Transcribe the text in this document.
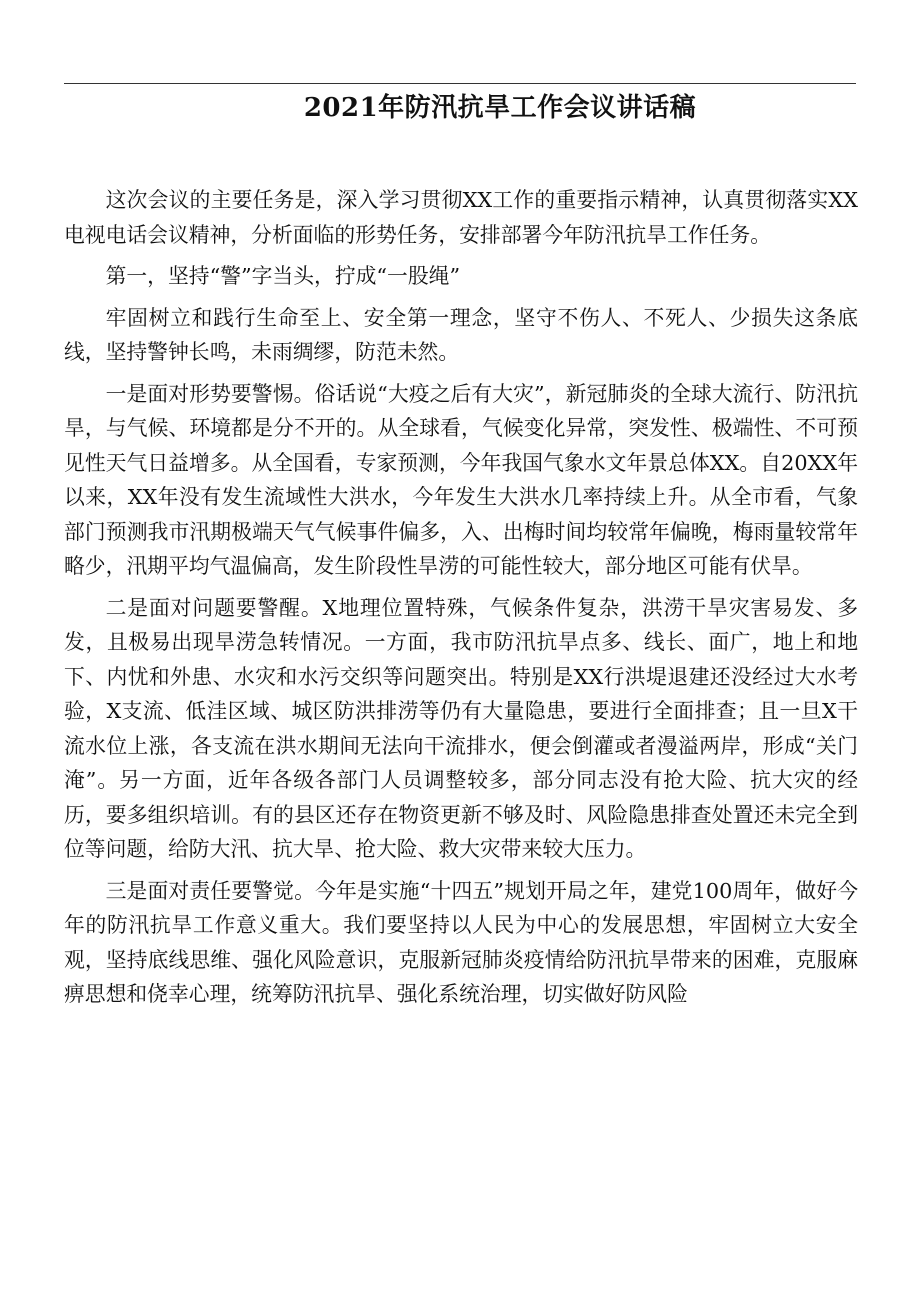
2021年防汛抗旱工作会议讲话稿

这次会议的主要任务是，深入学习贯彻XX工作的重要指示精神，认真贯彻落实XX电视电话会议精神，分析面临的形势任务，安排部署今年防汛抗旱工作任务。

第一，坚持“警”字当头，拧成“一股绳”

牢固树立和践行生命至上、安全第一理念，坚守不伤人、不死人、少损失这条底线，坚持警钟长鸣，未雨绸缪，防范未然。

一是面对形势要警惕。俗话说“大疫之后有大灾”，新冠肺炎的全球大流行、防汛抗旱，与气候、环境都是分不开的。从全球看，气候变化异常，突发性、极端性、不可预见性天气日益增多。从全国看，专家预测，今年我国气象水文年景总体XX。自20XX年以来，XX年没有发生流域性大洪水，今年发生大洪水几率持续上升。从全市看，气象部门预测我市汛期极端天气气候事件偏多，入、出梅时间均较常年偏晚，梅雨量较常年略少，汛期平均气温偏高，发生阶段性旱涝的可能性较大，部分地区可能有伏旱。

二是面对问题要警醒。X地理位置特殊，气候条件复杂，洪涝干旱灾害易发、多发，且极易出现旱涝急转情况。一方面，我市防汛抗旱点多、线长、面广，地上和地下、内忧和外患、水灾和水污交织等问题突出。特别是XX行洪堤退建还没经过大水考验，X支流、低洼区域、城区防洪排涝等仍有大量隐患，要进行全面排查；且一旦X干流水位上涨，各支流在洪水期间无法向干流排水，便会倒灌或者漫溢两岸，形成“关门淹”。另一方面，近年各级各部门人员调整较多，部分同志没有抢大险、抗大灾的经历，要多组织培训。有的县区还存在物资更新不够及时、风险隐患排查处置还未完全到位等问题，给防大汛、抗大旱、抢大险、救大灾带来较大压力。

三是面对责任要警觉。今年是实施“十四五”规划开局之年，建党100周年，做好今年的防汛抗旱工作意义重大。我们要坚持以人民为中心的发展思想，牢固树立大安全观，坚持底线思维、强化风险意识，克服新冠肺炎疫情给防汛抗旱带来的困难，克服麻痹思想和侥幸心理，统筹防汛抗旱、强化系统治理，切实做好防风险
